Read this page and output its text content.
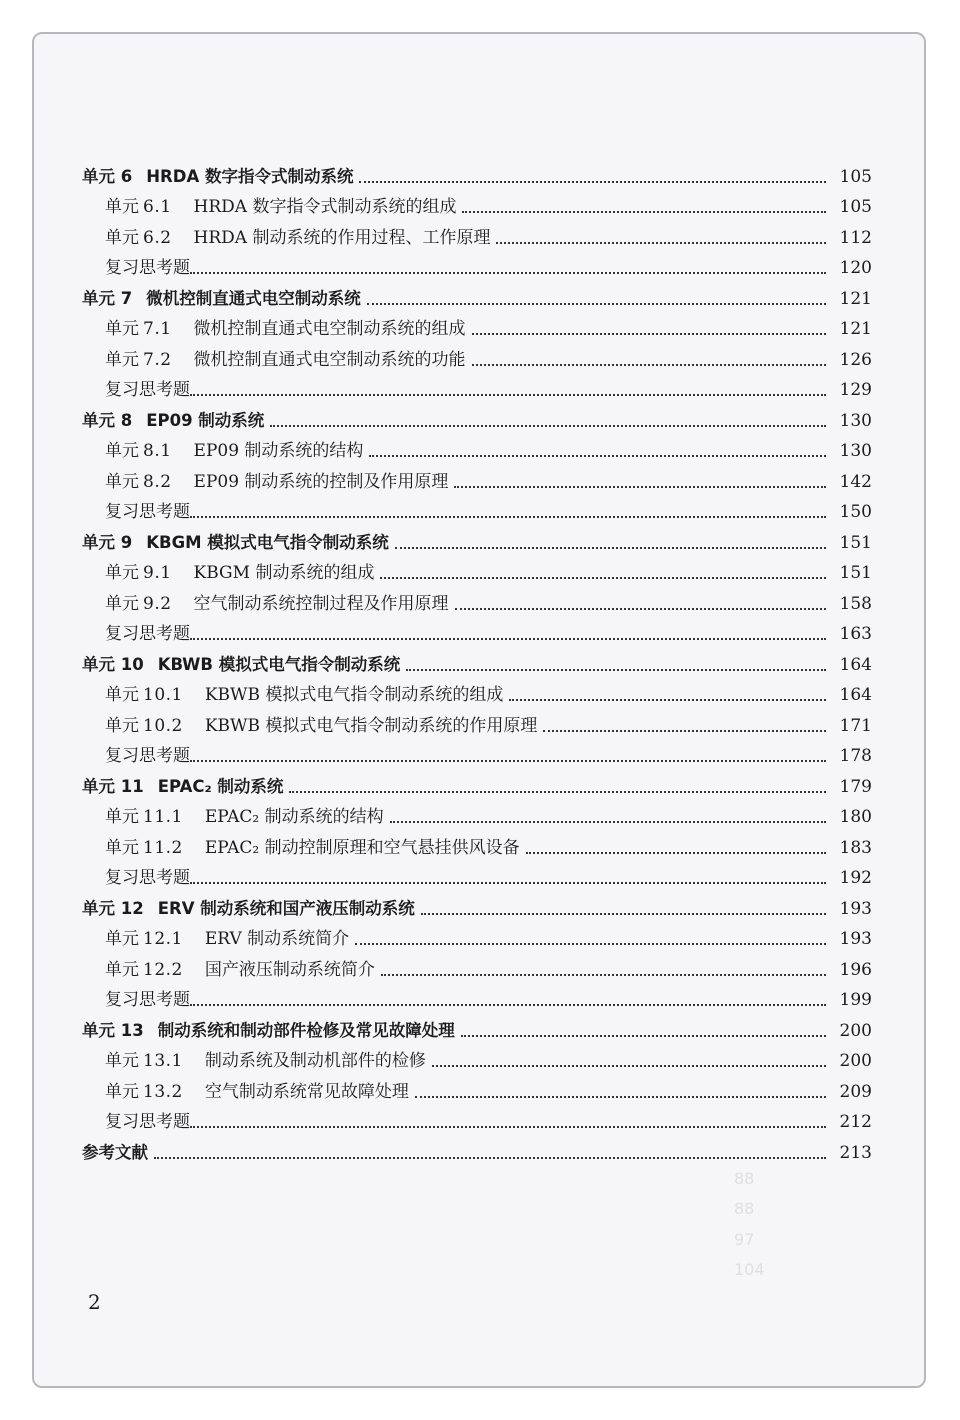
88
88
97
104
单元 6 HRDA 数字指令式制动系统	105
单元 6.1 HRDA 数字指令式制动系统的组成	105
单元 6.2 HRDA 制动系统的作用过程、工作原理	112
复习思考题	120
单元 7 微机控制直通式电空制动系统	121
单元 7.1 微机控制直通式电空制动系统的组成	121
单元 7.2 微机控制直通式电空制动系统的功能	126
复习思考题	129
单元 8 EP09 制动系统	130
单元 8.1 EP09 制动系统的结构	130
单元 8.2 EP09 制动系统的控制及作用原理	142
复习思考题	150
单元 9 KBGM 模拟式电气指令制动系统	151
单元 9.1 KBGM 制动系统的组成	151
单元 9.2 空气制动系统控制过程及作用原理	158
复习思考题	163
单元 10 KBWB 模拟式电气指令制动系统	164
单元 10.1 KBWB 模拟式电气指令制动系统的组成	164
单元 10.2 KBWB 模拟式电气指令制动系统的作用原理	171
复习思考题	178
单元 11 EPAC₂ 制动系统	179
单元 11.1 EPAC₂ 制动系统的结构	180
单元 11.2 EPAC₂ 制动控制原理和空气悬挂供风设备	183
复习思考题	192
单元 12 ERV 制动系统和国产液压制动系统	193
单元 12.1 ERV 制动系统简介	193
单元 12.2 国产液压制动系统简介	196
复习思考题	199
单元 13 制动系统和制动部件检修及常见故障处理	200
单元 13.1 制动系统及制动机部件的检修	200
单元 13.2 空气制动系统常见故障处理	209
复习思考题	212
参考文献	213
2
